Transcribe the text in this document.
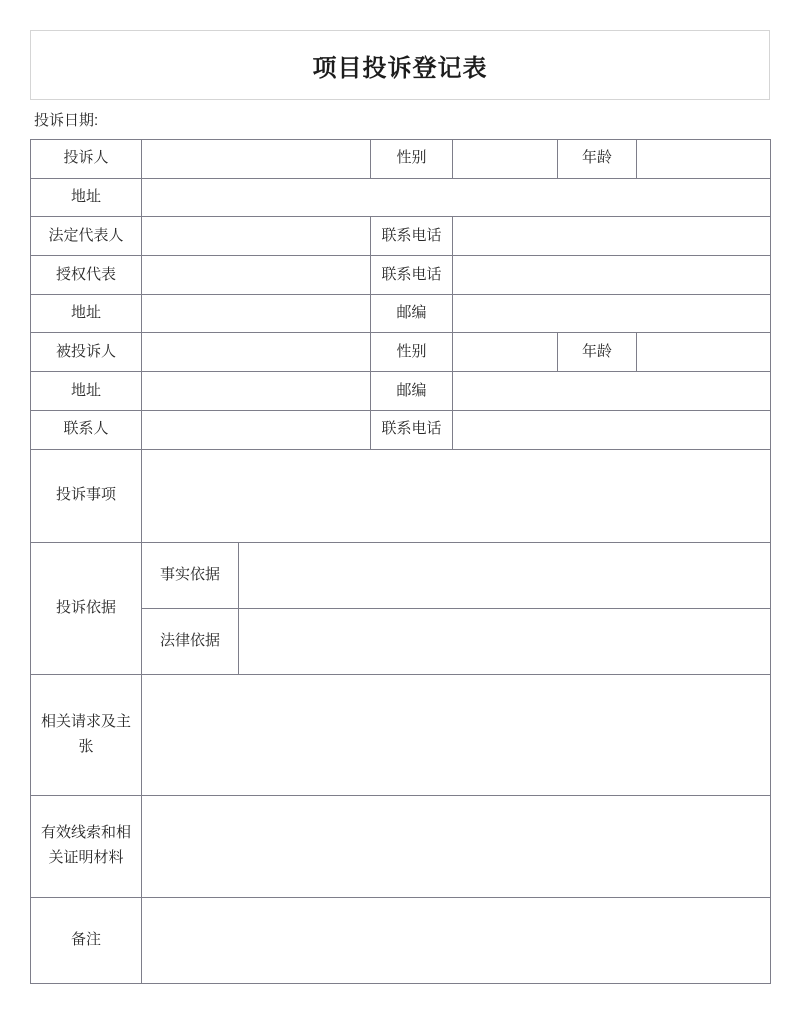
项目投诉登记表
投诉日期:
投诉人			性别		年龄	
地址						
法定代表人			联系电话			
授权代表			联系电话			
地址			邮编			
被投诉人			性别		年龄	
地址			邮编			
联系人			联系电话			
投诉事项						
投诉依据	事实依据					
	法律依据					
相关请求及主张						
有效线索和相关证明材料						
备注						
